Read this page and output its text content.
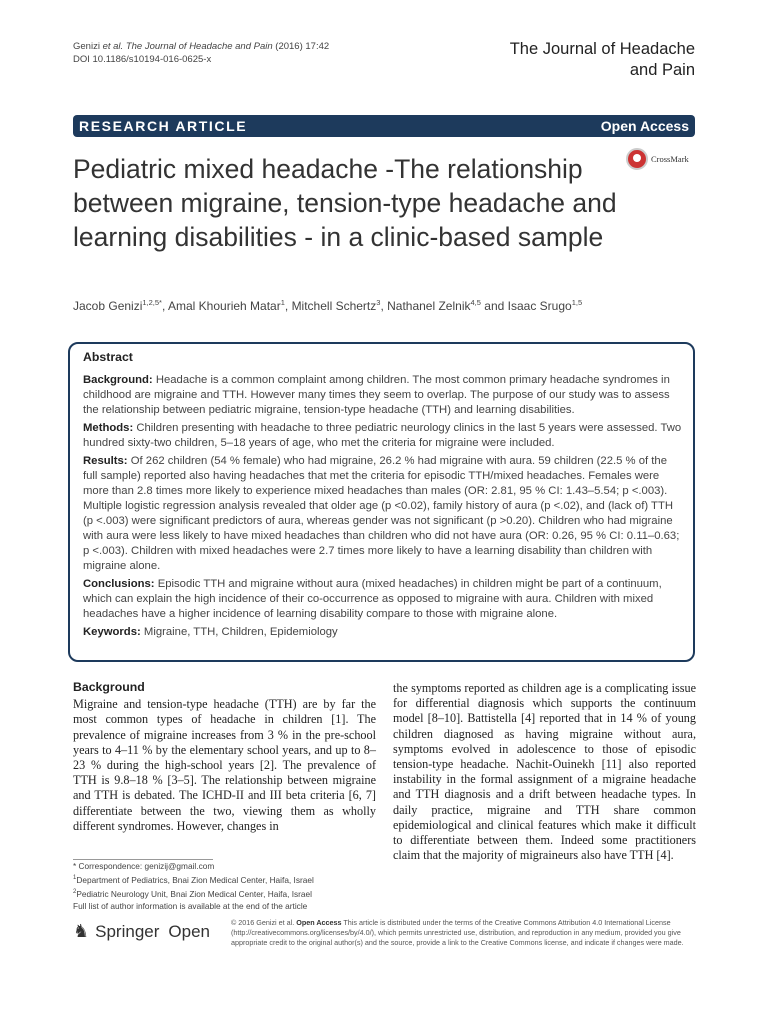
Genizi et al. The Journal of Headache and Pain (2016) 17:42
DOI 10.1186/s10194-016-0625-x
The Journal of Headache
and Pain
RESEARCH ARTICLE	Open Access
Pediatric mixed headache -The relationship between migraine, tension-type headache and learning disabilities - in a clinic-based sample
CrossMark
Jacob Genizi$^{1,2,5*}$, Amal Khourieh Matar$^1$, Mitchell Schertz$^3$, Nathanel Zelnik$^{4,5}$ and Isaac Srugo$^{1,5}$
Abstract

Background: Headache is a common complaint among children. The most common primary headache syndromes in childhood are migraine and TTH. However many times they seem to overlap. The purpose of our study was to assess the relationship between pediatric migraine, tension-type headache (TTH) and learning disabilities.

Methods: Children presenting with headache to three pediatric neurology clinics in the last 5 years were assessed. Two hundred sixty-two children, 5–18 years of age, who met the criteria for migraine were included.

Results: Of 262 children (54 % female) who had migraine, 26.2 % had migraine with aura. 59 children (22.5 % of the full sample) reported also having headaches that met the criteria for episodic TTH/mixed headaches. Females were more than 2.8 times more likely to experience mixed headaches than males (OR: 2.81, 95 % CI: 1.43–5.54; p <.003). Multiple logistic regression analysis revealed that older age (p <0.02), family history of aura (p <.02), and (lack of) TTH (p <.003) were significant predictors of aura, whereas gender was not significant (p >0.20). Children who had migraine with aura were less likely to have mixed headaches than children who did not have aura (OR: 0.26, 95 % CI: 0.11–0.63; p <.003). Children with mixed headaches were 2.7 times more likely to have a learning disability than children with migraine alone.

Conclusions: Episodic TTH and migraine without aura (mixed headaches) in children might be part of a continuum, which can explain the high incidence of their co-occurrence as opposed to migraine with aura. Children with mixed headaches have a higher incidence of learning disability compare to those with migraine alone.

Keywords: Migraine, TTH, Children, Epidemiology

Background
Migraine and tension-type headache (TTH) are by far the most common types of headache in children [1]. The prevalence of migraine increases from 3 % in the pre-school years to 4–11 % by the elementary school years, and up to 8–23 % during the high-school years [2]. The prevalence of TTH is 9.8–18 % [3–5]. The relationship between migraine and TTH is debated. The ICHD-II and III beta criteria [6, 7] differentiate between the two, viewing them as wholly different syndromes. However, changes in
the symptoms reported as children age is a complicating issue for differential diagnosis which supports the continuum model [8–10]. Battistella [4] reported that in 14 % of young children diagnosed as having migraine without aura, symptoms evolved in adolescence to those of episodic tension-type headache. Nachit-Ouinekh [11] also reported instability in the formal assignment of a migraine headache and TTH diagnosis and a drift between headache types. In daily practice, migraine and TTH share common epidemiological and clinical features which make it difficult to differentiate between them. Indeed some practitioners claim that the majority of migraineurs also have TTH [4].
* Correspondence: genizij@gmail.com
$^1$Department of Pediatrics, Bnai Zion Medical Center, Haifa, Israel
$^2$Pediatric Neurology Unit, Bnai Zion Medical Center, Haifa, Israel
Full list of author information is available at the end of the article
♞ Springer Open	© 2016 Genizi et al. Open Access This article is distributed under the terms of the Creative Commons Attribution 4.0 International License (http://creativecommons.org/licenses/by/4.0/), which permits unrestricted use, distribution, and reproduction in any medium, provided you give appropriate credit to the original author(s) and the source, provide a link to the Creative Commons license, and indicate if changes were made.
